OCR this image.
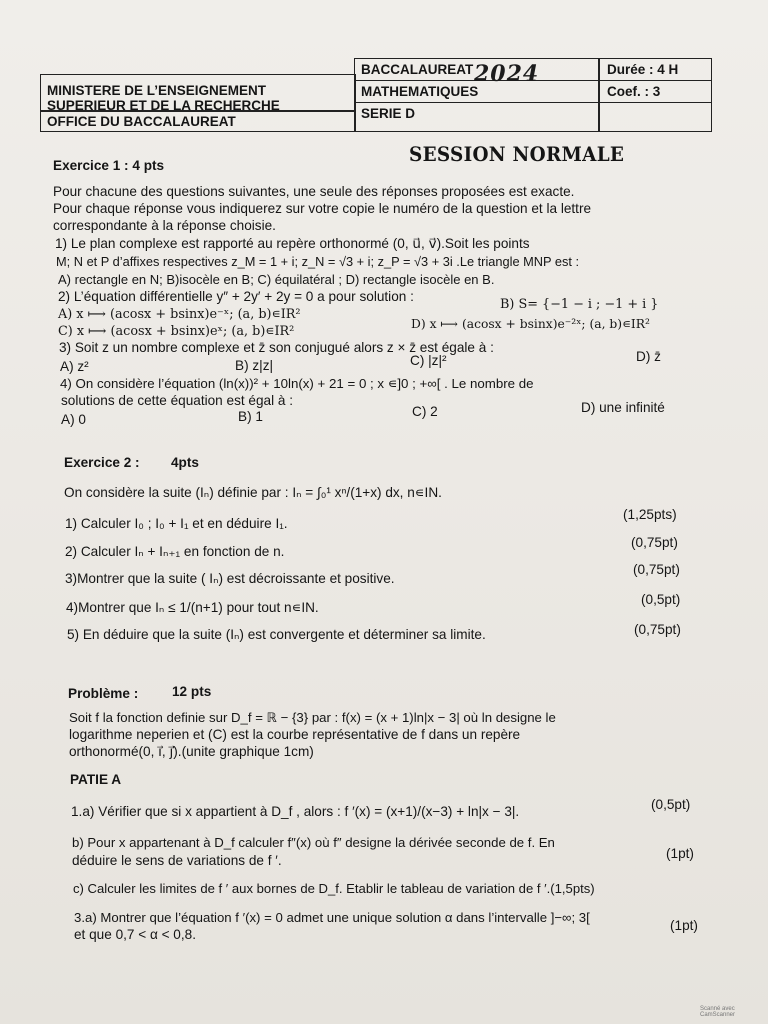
MINISTERE DE L’ENSEIGNEMENT
SUPERIEUR ET DE LA RECHERCHE
OFFICE DU BACCALAUREAT
BACCALAUREAT
MATHEMATIQUES
SERIE D
Durée : 4 H
Coef. : 3
2024
SESSION NORMALE
Exercice 1 : 4 pts
Pour chacune des questions suivantes, une seule des réponses proposées est exacte.
Pour chaque réponse vous indiquerez sur votre copie le numéro de la question et la lettre
correspondante à la réponse choisie.
1) Le plan complexe est rapporté au repère orthonormé (0, u⃗, v⃗).Soit les points
M; N et P d’affixes respectives z_M = 1 + i; z_N = √3 + i; z_P = √3 + 3i .Le triangle MNP est :
A) rectangle en N; B)isocèle en B; C) équilatéral ; D) rectangle isocèle en B.
2) L’équation différentielle y″ + 2y′ + 2y = 0 a pour solution :
A) x ⟼ (acosx + bsinx)e⁻ˣ; (a, b)∊IR²
B) S= {−1 − i ; −1 + i }
C) x ⟼ (acosx + bsinx)eˣ; (a, b)∊IR²	D) x ⟼ (acosx + bsinx)e⁻²ˣ; (a, b)∊IR²
3) Soit z un nombre complexe et z̄ son conjugué alors z × z̄ est égale à :
A) z²	B) z|z|	C) |z|²	D) z̄
4) On considère l’équation (ln(x))² + 10ln(x) + 21 = 0 ; x ∊]0 ; +∞[ . Le nombre de
solutions de cette équation est égal à :
A) 0	B) 1	C) 2	D) une infinité
Exercice 2 : 4pts
On considère la suite (Iₙ) définie par : Iₙ = ∫₀¹ xⁿ/(1+x) dx, n∊IN.
1) Calculer I₀ ; I₀ + I₁ et en déduire I₁.
(1,25pts)
2) Calculer Iₙ + Iₙ₊₁ en fonction de n.
(0,75pt)
3)Montrer que la suite ( Iₙ) est décroissante et positive.
(0,75pt)
4)Montrer que Iₙ ≤ 1/(n+1) pour tout n∊IN.
(0,5pt)
5) En déduire que la suite (Iₙ) est convergente et déterminer sa limite.	(0,75pt)
Problème : 12 pts
Soit f la fonction definie sur D_f = ℝ − {3} par : f(x) = (x + 1)ln|x − 3| où ln designe le
logarithme neperien et (C) est la courbe représentative de f dans un repère
orthonormé(0, i⃗, j⃗).(unite graphique 1cm)
PATIE A
1.a) Vérifier que si x appartient à D_f , alors : f ′(x) = (x+1)/(x−3) + ln|x − 3|.	(0,5pt)
b) Pour x appartenant à D_f calculer f″(x) où f″ designe la dérivée seconde de f. En
déduire le sens de variations de f ′.	(1pt)
c) Calculer les limites de f ′ aux bornes de D_f. Etablir le tableau de variation de f ′.(1,5pts)
3.a) Montrer que l’équation f ′(x) = 0 admet une unique solution α dans l’intervalle ]−∞; 3[
et que 0,7 < α < 0,8.
(1pt)
Scanné avec CamScanner
